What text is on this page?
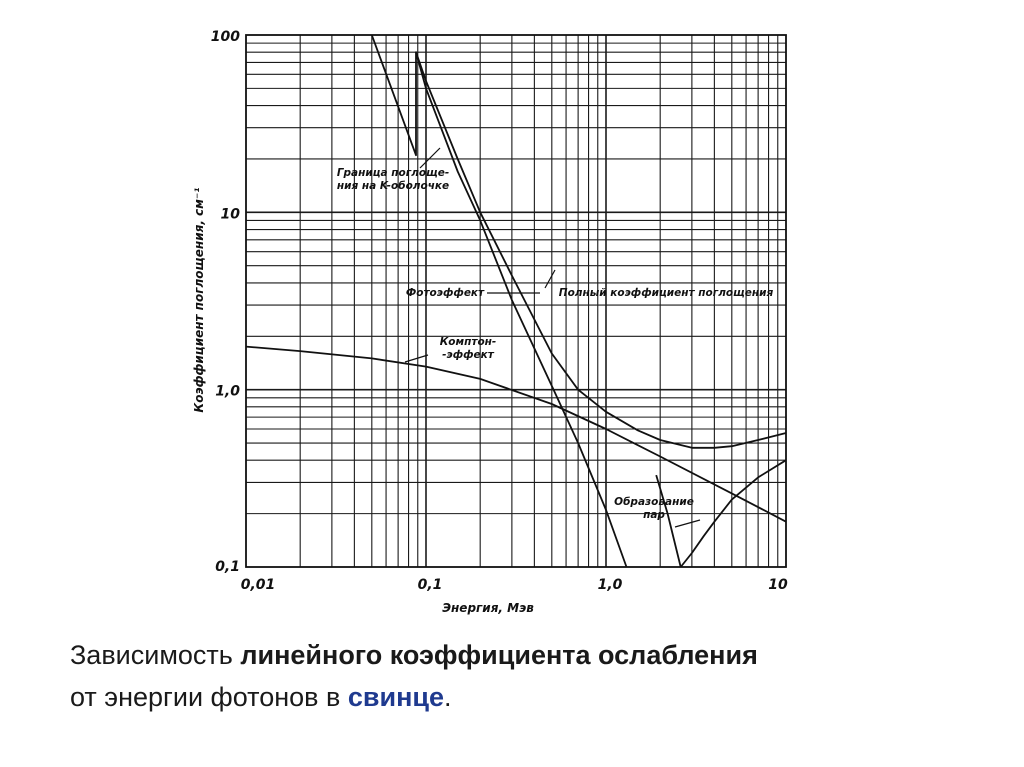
0,01	0,1	1,0	10
0,1
1,0
10
100
Энергия, Мэв
Коэффициент поглощения, см⁻¹
Граница поглоще-
ния на K-оболочке
Фотоэффект	Полный коэффициент поглощения
Комптон-
-эффект
Образование
пар
Зависимость линейного коэффициента ослабления
от энергии фотонов в свинце.
